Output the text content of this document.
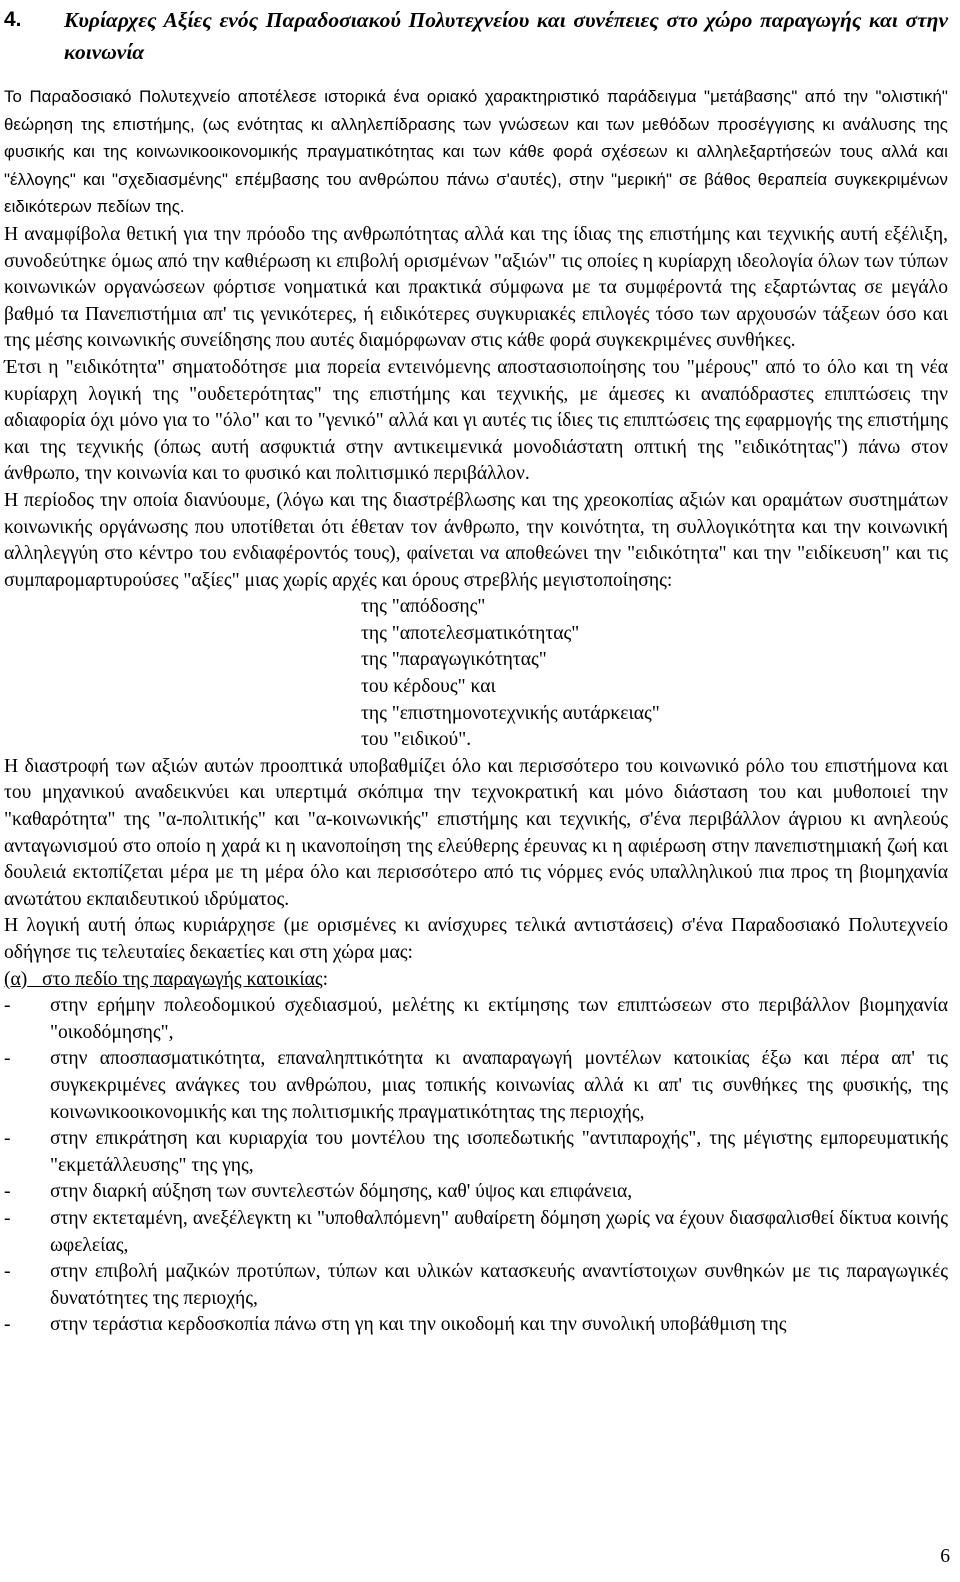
4. Κυρίαρχες Αξίες ενός Παραδοσιακού Πολυτεχνείου και συνέπειες στο χώρο παραγωγής και στην κοινωνία

Το Παραδοσιακό Πολυτεχνείο αποτέλεσε ιστορικά ένα οριακό χαρακτηριστικό παράδειγμα "μετάβασης" από την "ολιστική" θεώρηση της επιστήμης, (ως ενότητας κι αλληλεπίδρασης των γνώσεων και των μεθόδων προσέγγισης κι ανάλυσης της φυσικής και της κοινωνικοοικονομικής πραγματικότητας και των κάθε φορά σχέσεων κι αλληλεξαρτήσεών τους αλλά και "έλλογης" και "σχεδιασμένης" επέμβασης του ανθρώπου πάνω σ'αυτές), στην "μερική" σε βάθος θεραπεία συγκεκριμένων ειδικότερων πεδίων της.

Η αναμφίβολα θετική για την πρόοδο της ανθρωπότητας αλλά και της ίδιας της επιστήμης και τεχνικής αυτή εξέλιξη, συνοδεύτηκε όμως από την καθιέρωση κι επιβολή ορισμένων "αξιών" τις οποίες η κυρίαρχη ιδεολογία όλων των τύπων κοινωνικών οργανώσεων φόρτισε νοηματικά και πρακτικά σύμφωνα με τα συμφέροντά της εξαρτώντας σε μεγάλο βαθμό τα Πανεπιστήμια απ' τις γενικότερες, ή ειδικότερες συγκυριακές επιλογές τόσο των αρχουσών τάξεων όσο και της μέσης κοινωνικής συνείδησης που αυτές διαμόρφωναν στις κάθε φορά συγκεκριμένες συνθήκες.

Έτσι η "ειδικότητα" σηματοδότησε μια πορεία εντεινόμενης αποστασιοποίησης του "μέρους" από το όλο και τη νέα κυρίαρχη λογική της "ουδετερότητας" της επιστήμης και τεχνικής, με άμεσες κι αναπόδραστες επιπτώσεις την αδιαφορία όχι μόνο για το "όλο" και το "γενικό" αλλά και γι αυτές τις ίδιες τις επιπτώσεις της εφαρμογής της επιστήμης και της τεχνικής (όπως αυτή ασφυκτιά στην αντικειμενικά μονοδιάστατη οπτική της "ειδικότητας") πάνω στον άνθρωπο, την κοινωνία και το φυσικό και πολιτισμικό περιβάλλον.

Η περίοδος την οποία διανύουμε, (λόγω και της διαστρέβλωσης και της χρεοκοπίας αξιών και οραμάτων συστημάτων κοινωνικής οργάνωσης που υποτίθεται ότι έθεταν τον άνθρωπο, την κοινότητα, τη συλλογικότητα και την κοινωνική αλληλεγγύη στο κέντρο του ενδιαφέροντός τους), φαίνεται να αποθεώνει την "ειδικότητα" και την "ειδίκευση" και τις συμπαρομαρτυρούσες "αξίες" μιας χωρίς αρχές και όρους στρεβλής μεγιστοποίησης:

της "απόδοσης"
της "αποτελεσματικότητας"
της "παραγωγικότητας"
του κέρδους" και
της "επιστημονοτεχνικής αυτάρκειας"
του "ειδικού".

Η διαστροφή των αξιών αυτών προοπτικά υποβαθμίζει όλο και περισσότερο του κοινωνικό ρόλο του επιστήμονα και του μηχανικού αναδεικνύει και υπερτιμά σκόπιμα την τεχνοκρατική και μόνο διάσταση του και μυθοποιεί την "καθαρότητα" της "α-πολιτικής" και "α-κοινωνικής" επιστήμης και τεχνικής, σ'ένα περιβάλλον άγριου κι ανηλεούς ανταγωνισμού στο οποίο η χαρά κι η ικανοποίηση της ελεύθερης έρευνας κι η αφιέρωση στην πανεπιστημιακή ζωή και δουλειά εκτοπίζεται μέρα με τη μέρα όλο και περισσότερο από τις νόρμες ενός υπαλληλικού πια προς τη βιομηχανία ανωτάτου εκπαιδευτικού ιδρύματος.

Η λογική αυτή όπως κυριάρχησε (με ορισμένες κι ανίσχυρες τελικά αντιστάσεις) σ'ένα Παραδοσιακό Πολυτεχνείο οδήγησε τις τελευταίες δεκαετίες και στη χώρα μας:

(α) στο πεδίο της παραγωγής κατοικίας:
- στην ερήμην πολεοδομικού σχεδιασμού, μελέτης κι εκτίμησης των επιπτώσεων στο περιβάλλον βιομηχανία "οικοδόμησης",
- στην αποσπασματικότητα, επαναληπτικότητα κι αναπαραγωγή μοντέλων κατοικίας έξω και πέρα απ' τις συγκεκριμένες ανάγκες του ανθρώπου, μιας τοπικής κοινωνίας αλλά κι απ' τις συνθήκες της φυσικής, της κοινωνικοοικονομικής και της πολιτισμικής πραγματικότητας της περιοχής,
- στην επικράτηση και κυριαρχία του μοντέλου της ισοπεδωτικής "αντιπαροχής", της μέγιστης εμπορευματικής "εκμετάλλευσης" της γης,
- στην διαρκή αύξηση των συντελεστών δόμησης, καθ' ύψος και επιφάνεια,
- στην εκτεταμένη, ανεξέλεγκτη κι "υποθαλπόμενη" αυθαίρετη δόμηση χωρίς να έχουν διασφαλισθεί δίκτυα κοινής ωφελείας,
- στην επιβολή μαζικών προτύπων, τύπων και υλικών κατασκευής αναντίστοιχων συνθηκών με τις παραγωγικές δυνατότητες της περιοχής,
- στην τεράστια κερδοσκοπία πάνω στη γη και την οικοδομή και την συνολική υποβάθμιση της
6
